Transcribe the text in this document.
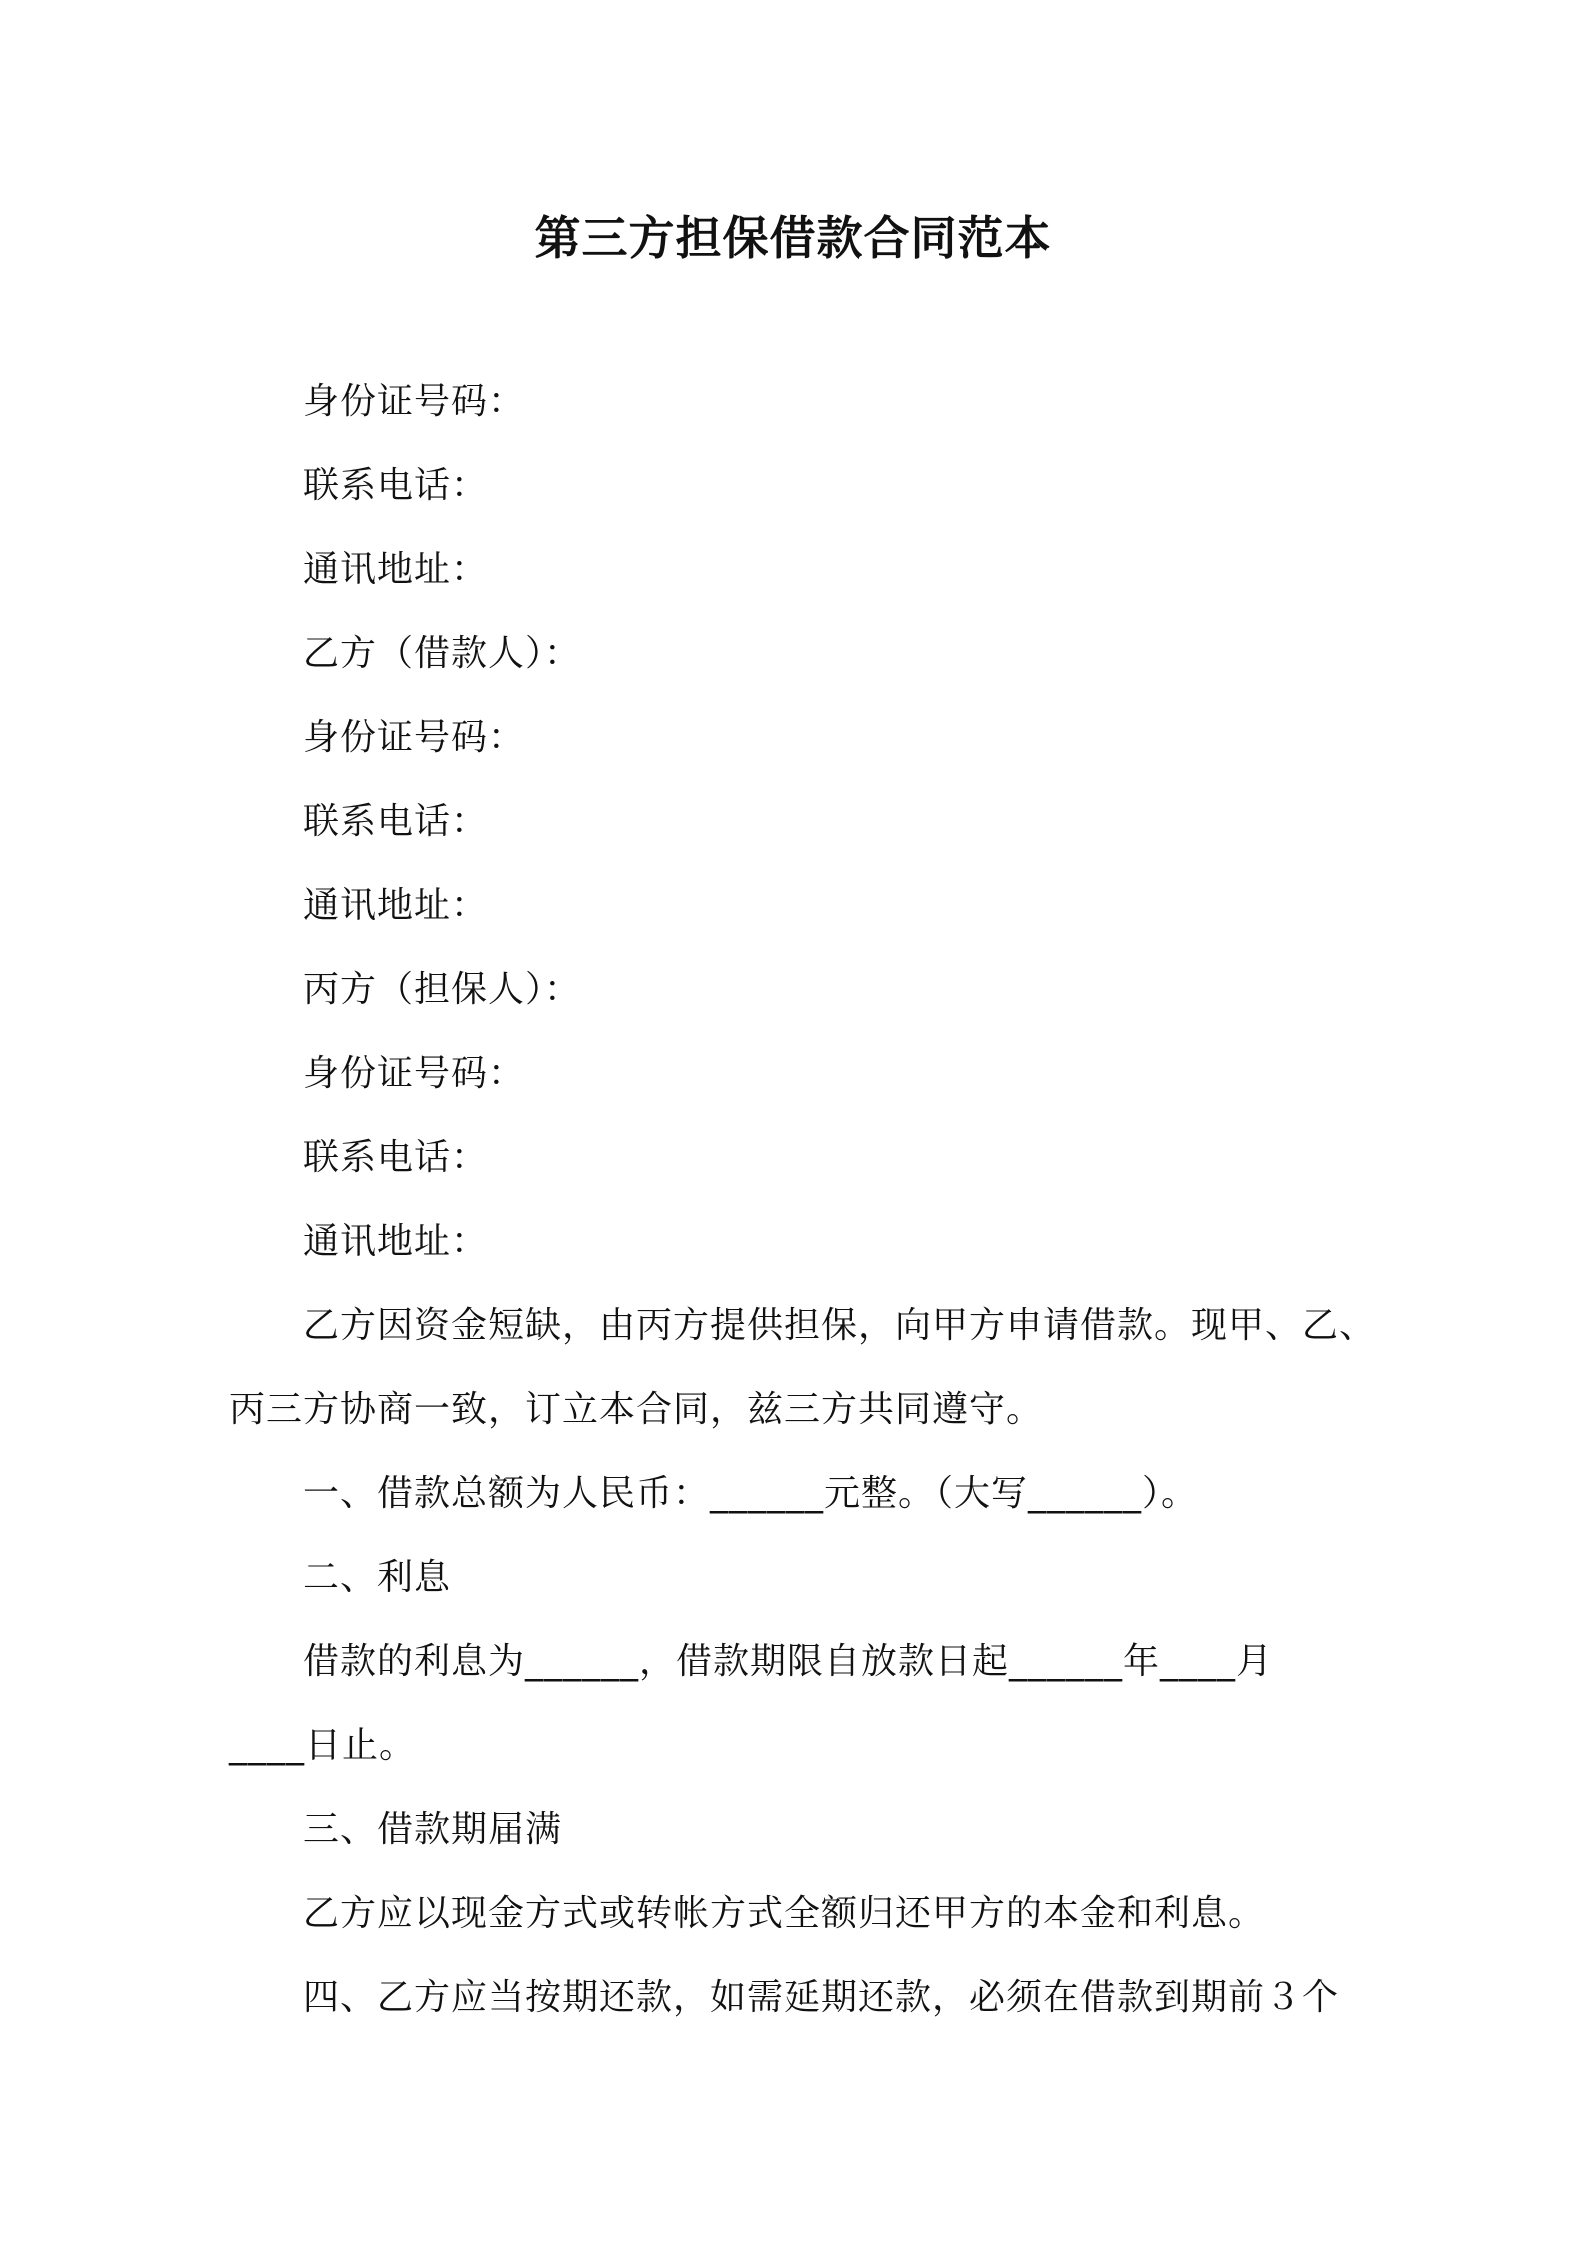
第三方担保借款合同范本

身份证号码：

联系电话：

通讯地址：

乙方（借款人）：

身份证号码：

联系电话：

通讯地址：

丙方（担保人）：

身份证号码：

联系电话：

通讯地址：

乙方因资金短缺，由丙方提供担保，向甲方申请借款。现甲、乙、

丙三方协商一致，订立本合同，兹三方共同遵守。

一、借款总额为人民币：______元整。（大写______）。

二、利息

借款的利息为______，借款期限自放款日起______年____月

____日止。

三、借款期届满

乙方应以现金方式或转帐方式全额归还甲方的本金和利息。

四、乙方应当按期还款，如需延期还款，必须在借款到期前３个
